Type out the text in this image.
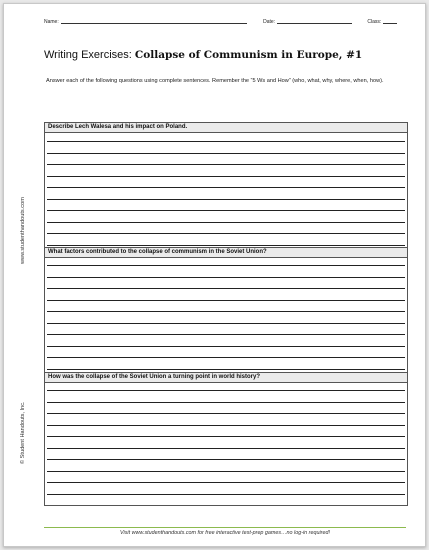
Name:	Date:	Class:
Writing Exercises: Collapse of Communism in Europe, #1
Answer each of the following questions using complete sentences. Remember the “5 Ws and How” (who, what, why, where, when, how).
www.studenthandouts.com
© Student Handouts, Inc.
Describe Lech Walesa and his impact on Poland.
What factors contributed to the collapse of communism in the Soviet Union?
How was the collapse of the Soviet Union a turning point in world history?
Visit www.studenthandouts.com for free interactive test-prep games…no log-in required!
